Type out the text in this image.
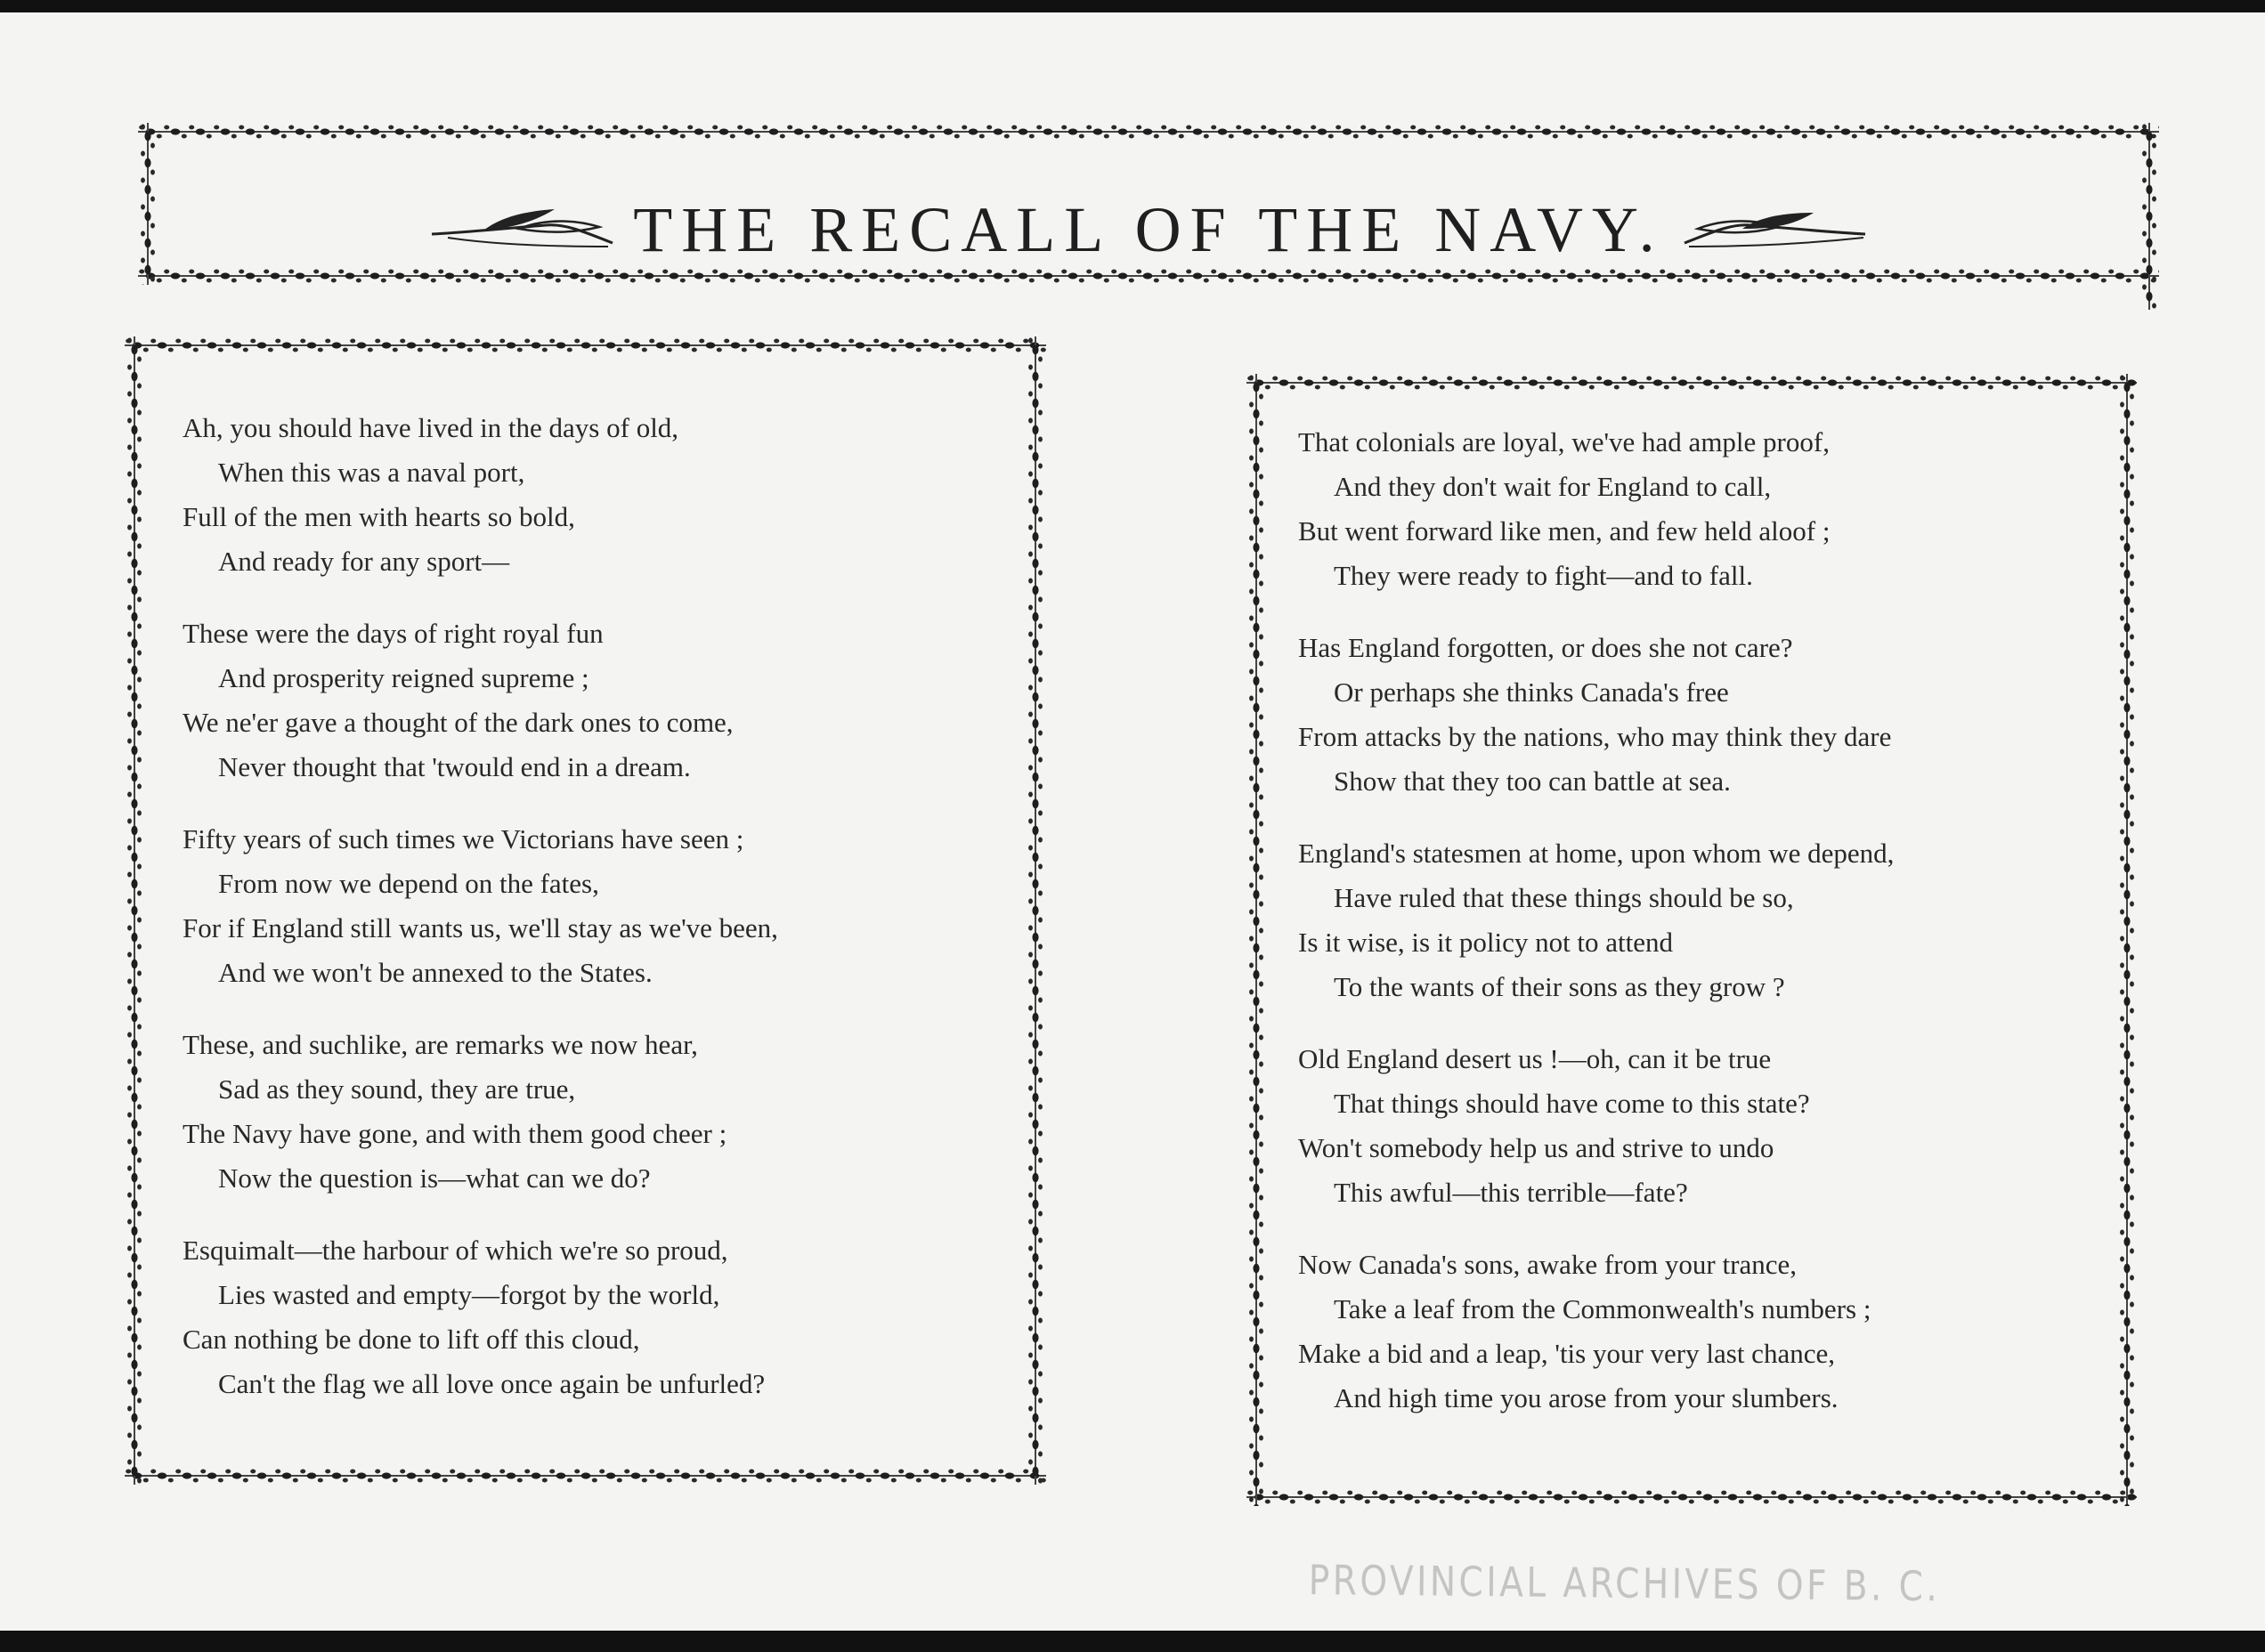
THE RECALL OF THE NAVY.
Ah, you should have lived in the days of old,
When this was a naval port,
Full of the men with hearts so bold,
And ready for any sport—
These were the days of right royal fun
And prosperity reigned supreme ;
We ne'er gave a thought of the dark ones to come,
Never thought that 'twould end in a dream.
Fifty years of such times we Victorians have seen ;
From now we depend on the fates,
For if England still wants us, we'll stay as we've been,
And we won't be annexed to the States.
These, and suchlike, are remarks we now hear,
Sad as they sound, they are true,
The Navy have gone, and with them good cheer ;
Now the question is—what can we do?
Esquimalt—the harbour of which we're so proud,
Lies wasted and empty—forgot by the world,
Can nothing be done to lift off this cloud,
Can't the flag we all love once again be unfurled?
That colonials are loyal, we've had ample proof,
And they don't wait for England to call,
But went forward like men, and few held aloof ;
They were ready to fight—and to fall.
Has England forgotten, or does she not care?
Or perhaps she thinks Canada's free
From attacks by the nations, who may think they dare
Show that they too can battle at sea.
England's statesmen at home, upon whom we depend,
Have ruled that these things should be so,
Is it wise, is it policy not to attend
To the wants of their sons as they grow ?
Old England desert us !—oh, can it be true
That things should have come to this state?
Won't somebody help us and strive to undo
This awful—this terrible—fate?
Now Canada's sons, awake from your trance,
Take a leaf from the Commonwealth's numbers ;
Make a bid and a leap, 'tis your very last chance,
And high time you arose from your slumbers.
PROVINCIAL ARCHIVES OF B. C.
